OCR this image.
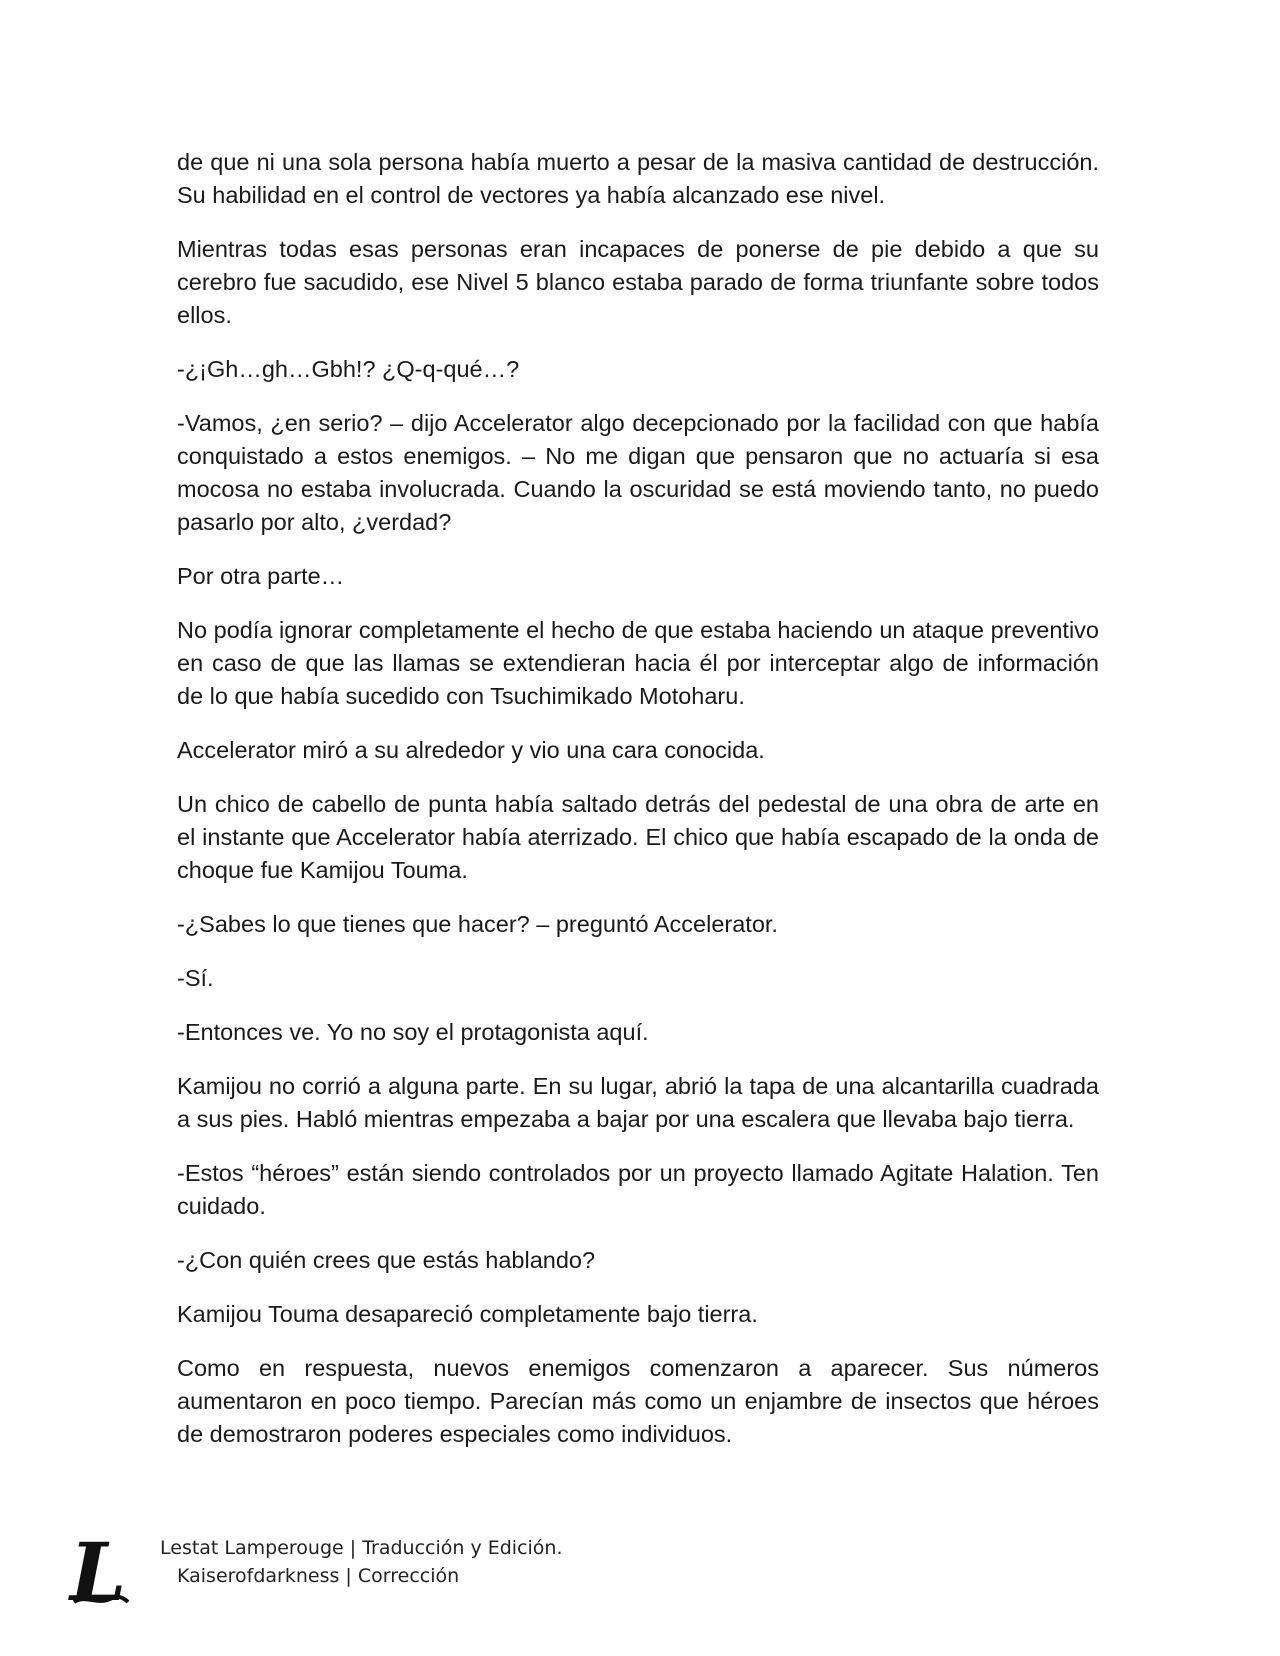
de que ni una sola persona había muerto a pesar de la masiva cantidad de destrucción. Su habilidad en el control de vectores ya había alcanzado ese nivel.

Mientras todas esas personas eran incapaces de ponerse de pie debido a que su cerebro fue sacudido, ese Nivel 5 blanco estaba parado de forma triunfante sobre todos ellos.

-¿¡Gh…gh…Gbh!? ¿Q-q-qué…?

-Vamos, ¿en serio? – dijo Accelerator algo decepcionado por la facilidad con que había conquistado a estos enemigos. – No me digan que pensaron que no actuaría si esa mocosa no estaba involucrada. Cuando la oscuridad se está moviendo tanto, no puedo pasarlo por alto, ¿verdad?

Por otra parte…

No podía ignorar completamente el hecho de que estaba haciendo un ataque preventivo en caso de que las llamas se extendieran hacia él por interceptar algo de información de lo que había sucedido con Tsuchimikado Motoharu.

Accelerator miró a su alrededor y vio una cara conocida.

Un chico de cabello de punta había saltado detrás del pedestal de una obra de arte en el instante que Accelerator había aterrizado. El chico que había escapado de la onda de choque fue Kamijou Touma.

-¿Sabes lo que tienes que hacer? – preguntó Accelerator.

-Sí.

-Entonces ve. Yo no soy el protagonista aquí.

Kamijou no corrió a alguna parte. En su lugar, abrió la tapa de una alcantarilla cuadrada a sus pies. Habló mientras empezaba a bajar por una escalera que llevaba bajo tierra.

-Estos “héroes” están siendo controlados por un proyecto llamado Agitate Halation. Ten cuidado.

-¿Con quién crees que estás hablando?

Kamijou Touma desapareció completamente bajo tierra.

Como en respuesta, nuevos enemigos comenzaron a aparecer. Sus números aumentaron en poco tiempo. Parecían más como un enjambre de insectos que héroes de demostraron poderes especiales como individuos.

L Lestat Lamperouge | Traducción y Edición.
Kaiserofdarkness | Corrección
